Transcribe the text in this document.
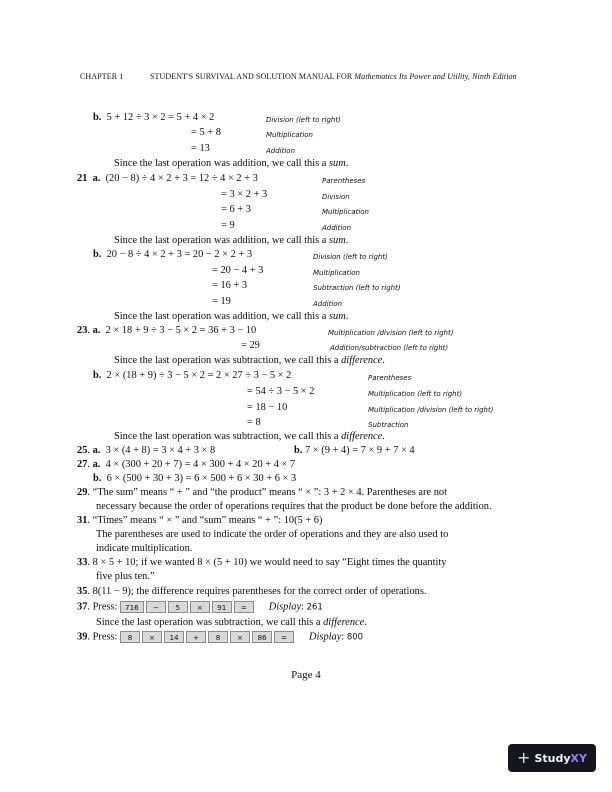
CHAPTER 1	STUDENT'S SURVIVAL AND SOLUTION MANUAL FOR Mathematics Its Power and Utility, Ninth Edition
b. 5 + 12 ÷ 3 × 2 = 5 + 4 × 2	Division (left to right)
= 5 + 8	Multiplication
= 13	Addition
Since the last operation was addition, we call this a sum.
21 a. (20 − 8) ÷ 4 × 2 + 3 = 12 ÷ 4 × 2 + 3	Parentheses
= 3 × 2 + 3	Division
= 6 + 3	Multiplication
= 9	Addition
Since the last operation was addition, we call this a sum.
b. 20 − 8 ÷ 4 × 2 + 3 = 20 − 2 × 2 + 3	Division (left to right)
= 20 − 4 + 3	Multiplication
= 16 + 3	Subtraction (left to right)
= 19	Addition
Since the last operation was addition, we call this a sum.
23. a. 2 × 18 + 9 ÷ 3 − 5 × 2 = 36 + 3 − 10	Multiplication /division (left to right)
= 29	Addition/subtraction (left to right)
Since the last operation was subtraction, we call this a difference.
b. 2 × (18 + 9) ÷ 3 − 5 × 2 = 2 × 27 ÷ 3 − 5 × 2	Parentheses
= 54 ÷ 3 − 5 × 2	Multiplication (left to right)
= 18 − 10	Multiplication /division (left to right)
= 8	Subtraction
Since the last operation was subtraction, we call this a difference.
25. a. 3 × (4 + 8) = 3 × 4 + 3 × 8	b. 7 × (9 + 4) = 7 × 9 + 7 × 4
27. a. 4 × (300 + 20 + 7) = 4 × 300 + 4 × 20 + 4 × 7
b. 6 × (500 + 30 + 3) = 6 × 500 + 6 × 30 + 6 × 3
29. “The sum” means “ + ” and “the product” means “ × ”: 3 + 2 × 4. Parentheses are not
necessary because the order of operations requires that the product be done before the addition.
31. “Times” means “ × ” and “sum” means “ + ”: 10(5 + 6)
The parentheses are used to indicate the order of operations and they are also used to
indicate multiplication.
33. 8 × 5 + 10; if we wanted 8 × (5 + 10) we would need to say “Eight times the quantity
five plus ten.”
35. 8(11 − 9); the difference requires parentheses for the correct order of operations.
37. Press: 716 − 5 × 91 = Display: 261
Since the last operation was subtraction, we call this a difference.
39. Press: 8 × 14 + 8 × 86 = Display: 800
Page 4
+ StudyXY
